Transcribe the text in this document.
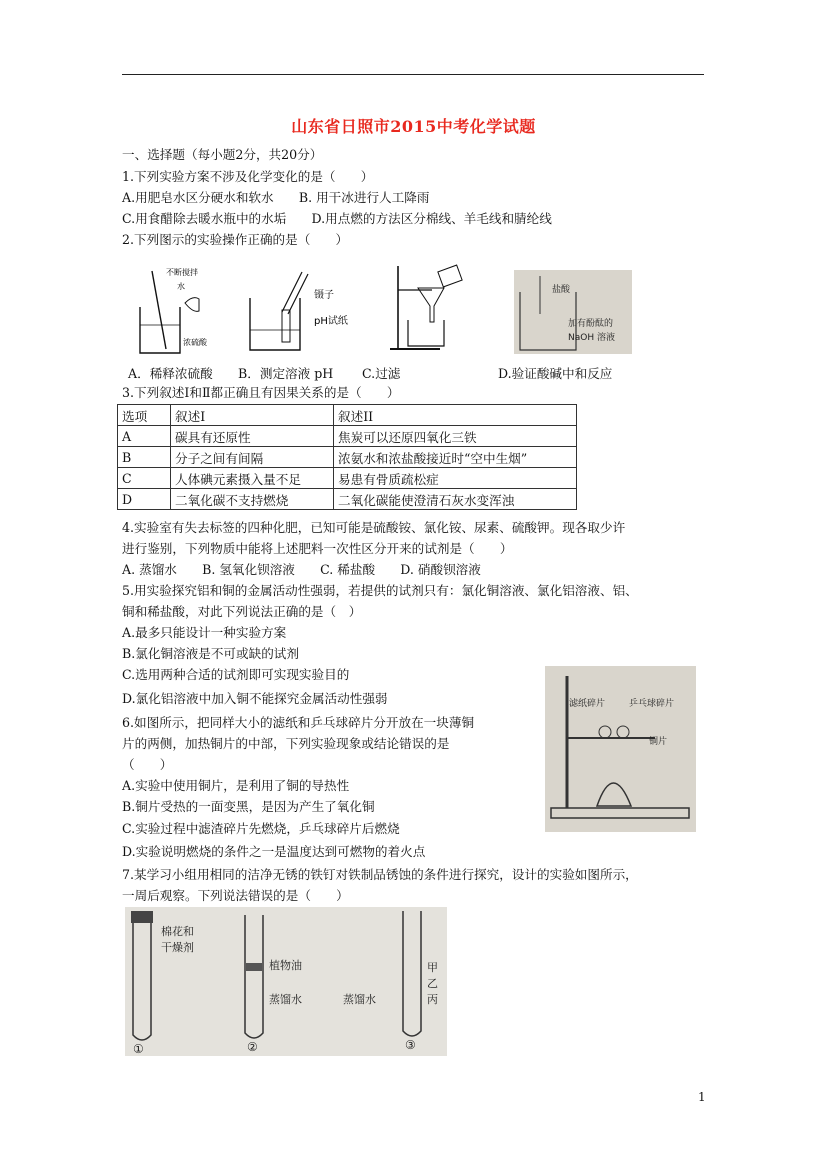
山东省日照市2015中考化学试题
一、选择题（每小题2分，共20分）
1.下列实验方案不涉及化学变化的是（　　）
A.用肥皂水区分硬水和软水　　B. 用干冰进行人工降雨
C.用食醋除去暖水瓶中的水垢　　D.用点燃的方法区分棉线、羊毛线和腈纶线
2.下列图示的实验操作正确的是（　　）
不断搅拌
水
浓硫酸
镊子
pH试纸
盐酸
加有酚酞的
NaOH 溶液
A．稀释浓硫酸 B．测定溶液 pH C.过滤	D.验证酸碱中和反应
3.下列叙述Ⅰ和Ⅱ都正确且有因果关系的是（　　）
选项	叙述Ⅰ	叙述ⅠⅠ
A	碳具有还原性	焦炭可以还原四氧化三铁
B	分子之间有间隔	浓氨水和浓盐酸接近时“空中生烟”
C	人体碘元素摄入量不足	易患有骨质疏松症
D	二氧化碳不支持燃烧	二氧化碳能使澄清石灰水变浑浊
4.实验室有失去标签的四种化肥，已知可能是硫酸铵、氯化铵、尿素、硫酸钾。现各取少许
进行鉴别，下列物质中能将上述肥料一次性区分开来的试剂是（　　）
A. 蒸馏水　　B. 氢氧化钡溶液　　C. 稀盐酸　　D. 硝酸钡溶液
5.用实验探究铝和铜的金属活动性强弱，若提供的试剂只有：氯化铜溶液、氯化铝溶液、铝、
铜和稀盐酸，对此下列说法正确的是（　）
A.最多只能设计一种实验方案
B.氯化铜溶液是不可或缺的试剂
C.选用两种合适的试剂即可实现实验目的
D.氯化铝溶液中加入铜不能探究金属活动性强弱	滤纸碎片	乒乓球碎片
铜片
6.如图所示，把同样大小的滤纸和乒乓球碎片分开放在一块薄铜
片的两侧，加热铜片的中部，下列实验现象或结论错误的是
（　　）
A.实验中使用铜片，是利用了铜的导热性
B.铜片受热的一面变黑，是因为产生了氧化铜
C.实验过程中滤渣碎片先燃烧，乒乓球碎片后燃烧
D.实验说明燃烧的条件之一是温度达到可燃物的着火点
7.某学习小组用相同的洁净无锈的铁钉对铁制品锈蚀的条件进行探究，设计的实验如图所示，
一周后观察。下列说法错误的是（　　）
棉花和
干燥剂
植物油
蒸馏水	蒸馏水
甲
乙
丙
①	②	③
1
